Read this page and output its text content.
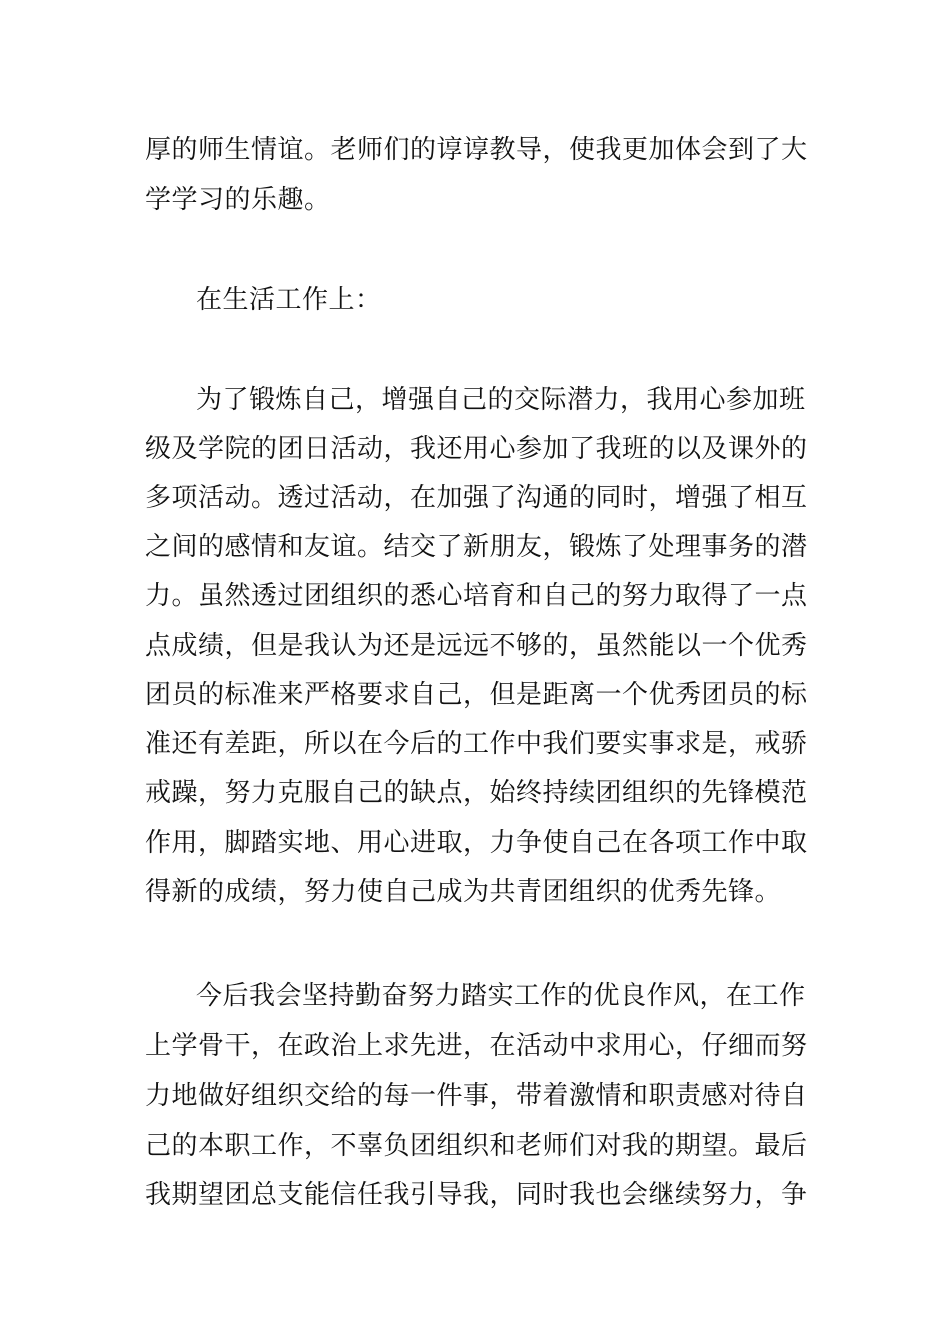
厚的师生情谊。老师们的谆谆教导，使我更加体会到了大
学学习的乐趣。
在生活工作上：
为了锻炼自己，增强自己的交际潜力，我用心参加班
级及学院的团日活动，我还用心参加了我班的以及课外的
多项活动。透过活动，在加强了沟通的同时，增强了相互
之间的感情和友谊。结交了新朋友，锻炼了处理事务的潜
力。虽然透过团组织的悉心培育和自己的努力取得了一点
点成绩，但是我认为还是远远不够的，虽然能以一个优秀
团员的标准来严格要求自己，但是距离一个优秀团员的标
准还有差距，所以在今后的工作中我们要实事求是，戒骄
戒躁，努力克服自己的缺点，始终持续团组织的先锋模范
作用，脚踏实地、用心进取，力争使自己在各项工作中取
得新的成绩，努力使自己成为共青团组织的优秀先锋。
今后我会坚持勤奋努力踏实工作的优良作风，在工作
上学骨干，在政治上求先进，在活动中求用心，仔细而努
力地做好组织交给的每一件事，带着激情和职责感对待自
己的本职工作，不辜负团组织和老师们对我的期望。最后
我期望团总支能信任我引导我，同时我也会继续努力，争
